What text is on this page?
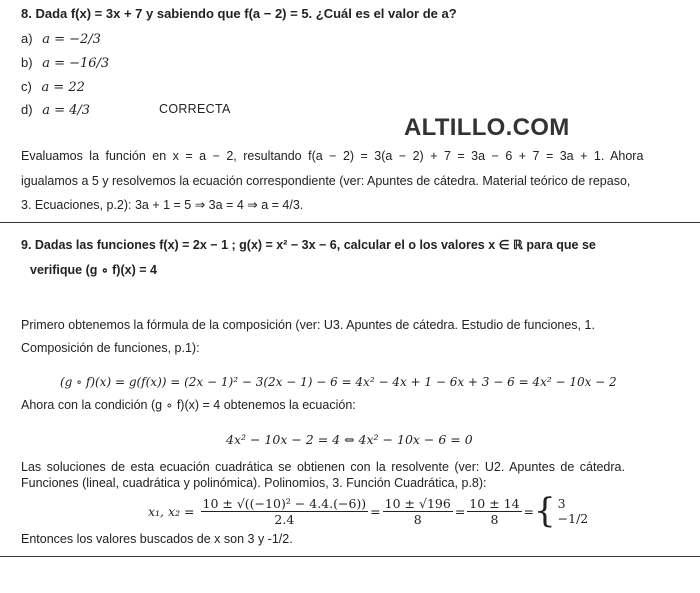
8. Dada f(x) = 3x + 7 y sabiendo que f(a − 2) = 5. ¿Cuál es el valor de a?
a) a = −2/3
b) a = −16/3
c) a = 22
d) a = 4/3	CORRECTA
ALTILLO.COM
Evaluamos la función en x = a − 2, resultando f(a − 2) = 3(a − 2) + 7 = 3a − 6 + 7 = 3a + 1. Ahora
igualamos a 5 y resolvemos la ecuación correspondiente (ver: Apuntes de cátedra. Material teórico de repaso,
3. Ecuaciones, p.2): 3a + 1 = 5 ⇒ 3a = 4 ⇒ a = 4/3.
9. Dadas las funciones f(x) = 2x − 1 ; g(x) = x² − 3x − 6, calcular el o los valores x ∈ ℝ para que se
verifique (g ∘ f)(x) = 4
Primero obtenemos la fórmula de la composición (ver: U3. Apuntes de cátedra. Estudio de funciones, 1.
Composición de funciones, p.1):
(g ∘ f)(x) = g(f(x)) = (2x − 1)² − 3(2x − 1) − 6 = 4x² − 4x + 1 − 6x + 3 − 6 = 4x² − 10x − 2
Ahora con la condición (g ∘ f)(x) = 4 obtenemos la ecuación:
4x² − 10x − 2 = 4 ⇔ 4x² − 10x − 6 = 0
Las soluciones de esta ecuación cuadrática se obtienen con la resolvente (ver: U2. Apuntes de cátedra.
Funciones (lineal, cuadrática y polinómica). Polinomios, 3. Función Cuadrática, p.8):
x₁, $x_2 = \frac{\text{10 ± √((−10)² − 4.4.(−6))}}{2.4} = \frac{10 \pm √196}{8} = \frac{10 \pm 14}{8}$ = { 3
−1/2
Entonces los valores buscados de x son 3 y -1/2.
